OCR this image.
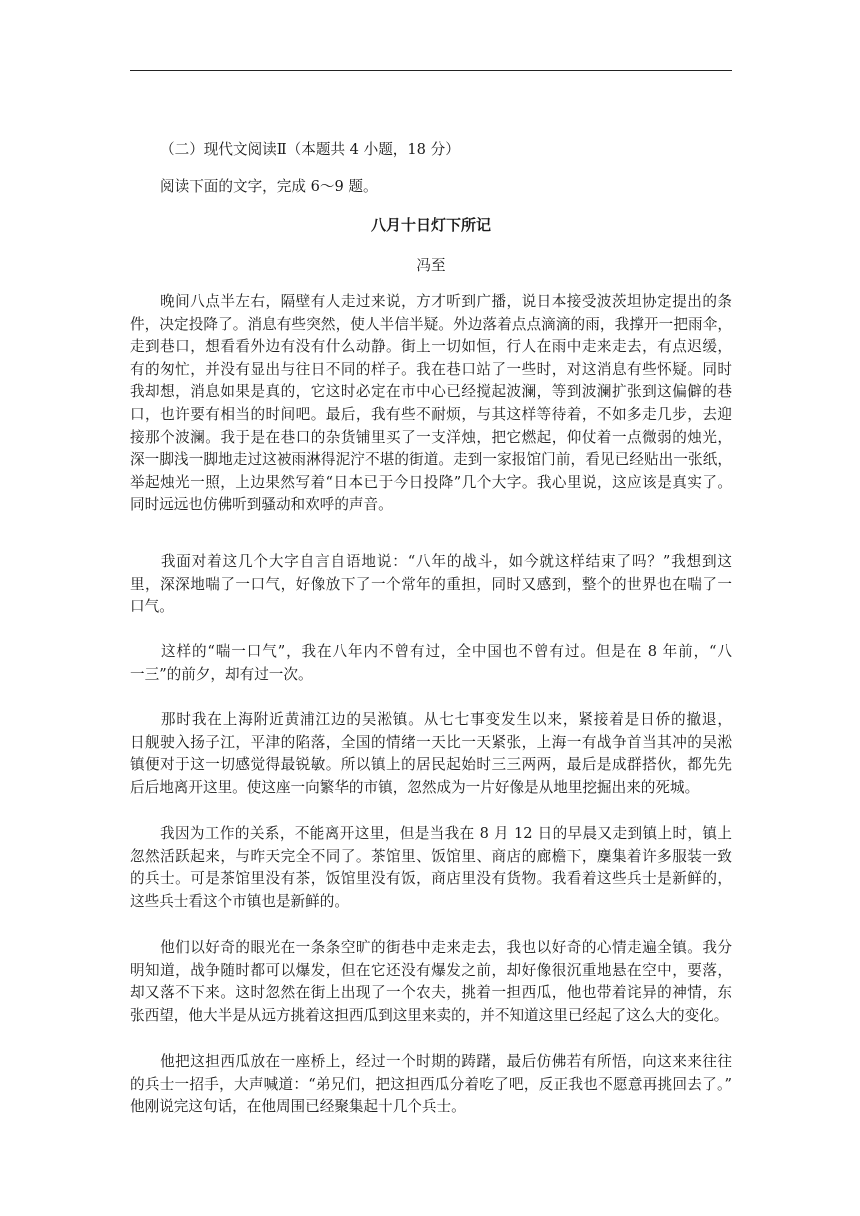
（二）现代文阅读Ⅱ（本题共 4 小题，18 分）
阅读下面的文字，完成 6～9 题。
八月十日灯下所记
冯至
　　晚间八点半左右，隔壁有人走过来说，方才听到广播，说日本接受波茨坦协定提出的条
件，决定投降了。消息有些突然，使人半信半疑。外边落着点点滴滴的雨，我撑开一把雨伞，
走到巷口，想看看外边有没有什么动静。街上一切如恒，行人在雨中走来走去，有点迟缓，
有的匆忙，并没有显出与往日不同的样子。我在巷口站了一些时，对这消息有些怀疑。同时
我却想，消息如果是真的，它这时必定在市中心已经搅起波澜，等到波澜扩张到这偏僻的巷
口，也许要有相当的时间吧。最后，我有些不耐烦，与其这样等待着，不如多走几步，去迎
接那个波澜。我于是在巷口的杂货铺里买了一支洋烛，把它燃起，仰仗着一点微弱的烛光，
深一脚浅一脚地走过这被雨淋得泥泞不堪的街道。走到一家报馆门前，看见已经贴出一张纸，
举起烛光一照，上边果然写着“日本已于今日投降”几个大字。我心里说，这应该是真实了。
同时远远也仿佛听到骚动和欢呼的声音。
　　我面对着这几个大字自言自语地说：“八年的战斗，如今就这样结束了吗？”我想到这
里，深深地喘了一口气，好像放下了一个常年的重担，同时又感到，整个的世界也在喘了一
口气。
　　这样的“喘一口气”，我在八年内不曾有过，全中国也不曾有过。但是在 8 年前，“八
一三”的前夕，却有过一次。
　　那时我在上海附近黄浦江边的吴淞镇。从七七事变发生以来，紧接着是日侨的撤退，
日舰驶入扬子江，平津的陷落，全国的情绪一天比一天紧张，上海一有战争首当其冲的吴淞
镇便对于这一切感觉得最锐敏。所以镇上的居民起始时三三两两，最后是成群搭伙，都先先
后后地离开这里。使这座一向繁华的市镇，忽然成为一片好像是从地里挖掘出来的死城。
　　我因为工作的关系，不能离开这里，但是当我在 8 月 12 日的早晨又走到镇上时，镇上
忽然活跃起来，与昨天完全不同了。茶馆里、饭馆里、商店的廊檐下，麇集着许多服装一致
的兵士。可是茶馆里没有茶，饭馆里没有饭，商店里没有货物。我看着这些兵士是新鲜的，
这些兵士看这个市镇也是新鲜的。
　　他们以好奇的眼光在一条条空旷的街巷中走来走去，我也以好奇的心情走遍全镇。我分
明知道，战争随时都可以爆发，但在它还没有爆发之前，却好像很沉重地悬在空中，要落，
却又落不下来。这时忽然在街上出现了一个农夫，挑着一担西瓜，他也带着诧异的神情，东
张西望，他大半是从远方挑着这担西瓜到这里来卖的，并不知道这里已经起了这么大的变化。
　　他把这担西瓜放在一座桥上，经过一个时期的踌躇，最后仿佛若有所悟，向这来来往往
的兵士一招手，大声喊道：“弟兄们，把这担西瓜分着吃了吧，反正我也不愿意再挑回去了。”
他刚说完这句话，在他周围已经聚集起十几个兵士。
